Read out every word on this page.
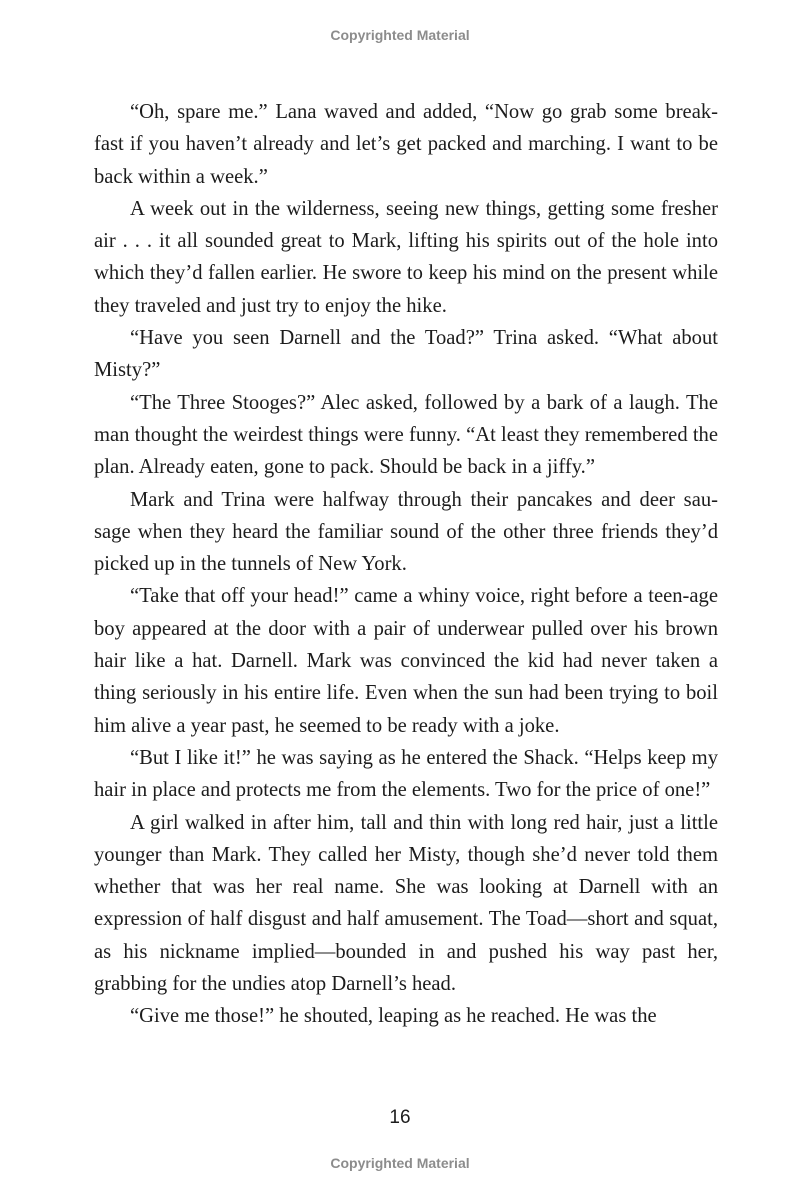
Copyrighted Material

“Oh, spare me.” Lana waved and added, “Now go grab some break-fast if you haven’t already and let’s get packed and marching. I want to be back within a week.”

A week out in the wilderness, seeing new things, getting some fresher air . . . it all sounded great to Mark, lifting his spirits out of the hole into which they’d fallen earlier. He swore to keep his mind on the present while they traveled and just try to enjoy the hike.

“Have you seen Darnell and the Toad?” Trina asked. “What about Misty?”

“The Three Stooges?” Alec asked, followed by a bark of a laugh. The man thought the weirdest things were funny. “At least they remembered the plan. Already eaten, gone to pack. Should be back in a jiffy.”

Mark and Trina were halfway through their pancakes and deer sau-sage when they heard the familiar sound of the other three friends they’d picked up in the tunnels of New York.

“Take that off your head!” came a whiny voice, right before a teen-age boy appeared at the door with a pair of underwear pulled over his brown hair like a hat. Darnell. Mark was convinced the kid had never taken a thing seriously in his entire life. Even when the sun had been trying to boil him alive a year past, he seemed to be ready with a joke.

“But I like it!” he was saying as he entered the Shack. “Helps keep my hair in place and protects me from the elements. Two for the price of one!”

A girl walked in after him, tall and thin with long red hair, just a little younger than Mark. They called her Misty, though she’d never told them whether that was her real name. She was looking at Darnell with an expression of half disgust and half amusement. The Toad—short and squat, as his nickname implied—bounded in and pushed his way past her, grabbing for the undies atop Darnell’s head.

“Give me those!” he shouted, leaping as he reached. He was the

16
Copyrighted Material
